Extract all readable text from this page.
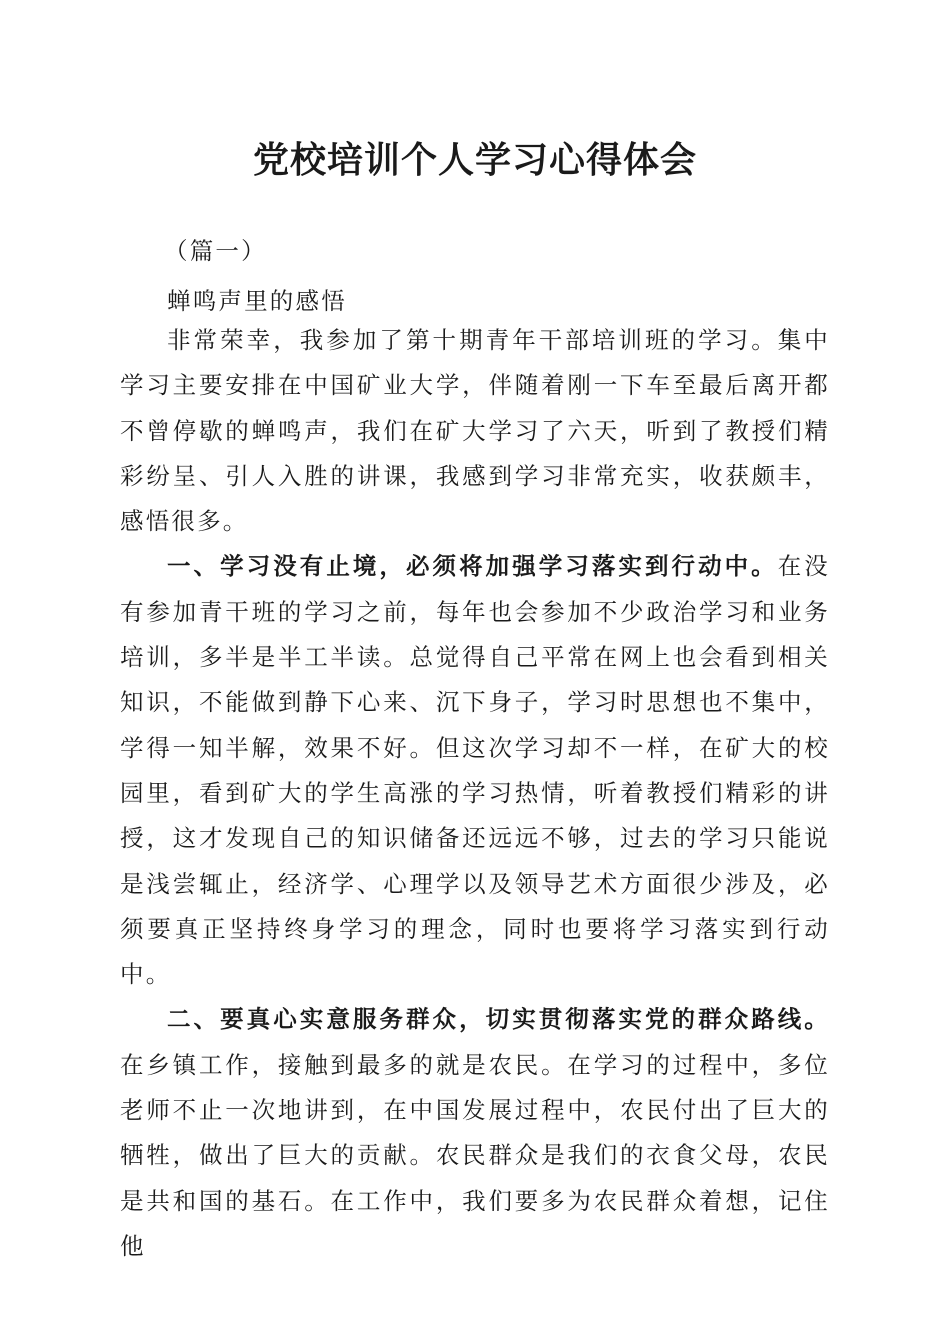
党校培训个人学习心得体会
（篇一）
蝉鸣声里的感悟

非常荣幸，我参加了第十期青年干部培训班的学习。集中学习主要安排在中国矿业大学，伴随着刚一下车至最后离开都不曾停歇的蝉鸣声，我们在矿大学习了六天，听到了教授们精彩纷呈、引人入胜的讲课，我感到学习非常充实，收获颇丰，感悟很多。

一、学习没有止境，必须将加强学习落实到行动中。在没有参加青干班的学习之前，每年也会参加不少政治学习和业务培训，多半是半工半读。总觉得自己平常在网上也会看到相关知识，不能做到静下心来、沉下身子，学习时思想也不集中，学得一知半解，效果不好。但这次学习却不一样，在矿大的校园里，看到矿大的学生高涨的学习热情，听着教授们精彩的讲授，这才发现自己的知识储备还远远不够，过去的学习只能说是浅尝辄止，经济学、心理学以及领导艺术方面很少涉及，必须要真正坚持终身学习的理念，同时也要将学习落实到行动中。

二、要真心实意服务群众，切实贯彻落实党的群众路线。在乡镇工作，接触到最多的就是农民。在学习的过程中，多位老师不止一次地讲到，在中国发展过程中，农民付出了巨大的牺牲，做出了巨大的贡献。农民群众是我们的衣食父母，农民是共和国的基石。在工作中，我们要多为农民群众着想，记住他
